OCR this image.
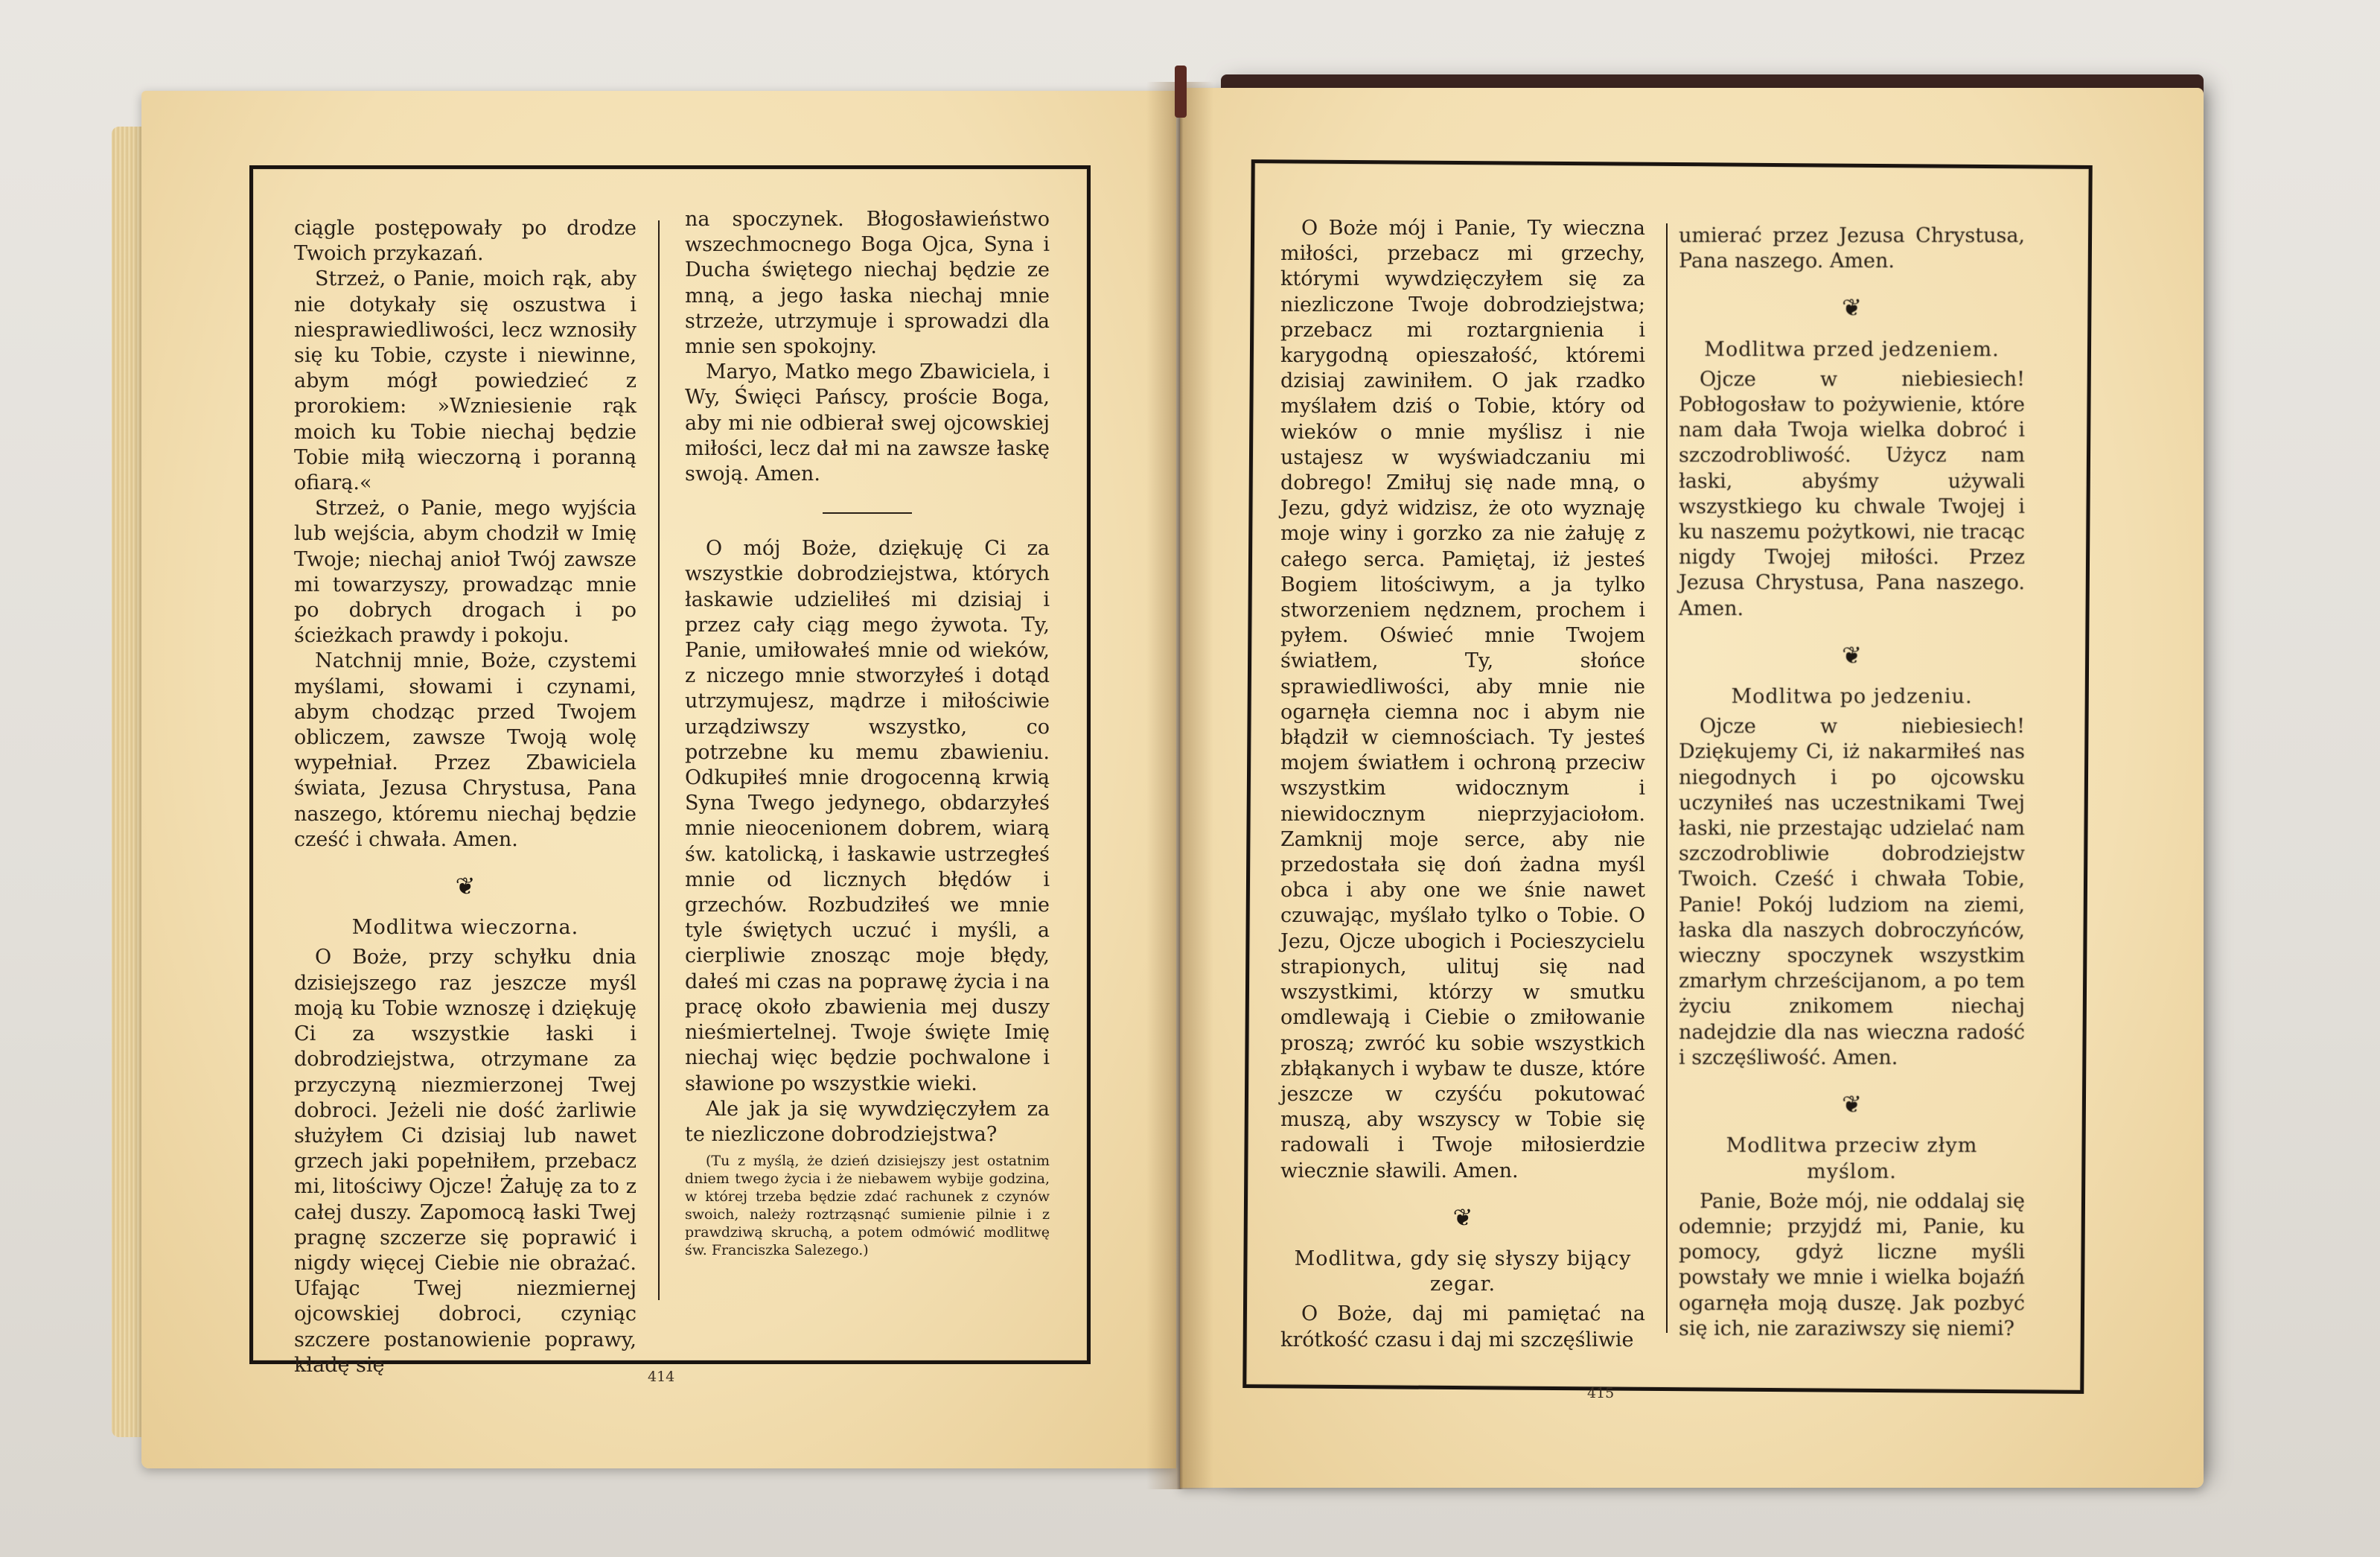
ciągle postępowały po drodze Twoich przykazań.

Strzeż, o Panie, moich rąk, aby nie dotykały się oszustwa i niesprawiedliwości, lecz wznosiły się ku Tobie, czyste i niewinne, abym mógł powiedzieć z prorokiem: »Wzniesienie rąk moich ku Tobie niechaj będzie Tobie miłą wieczorną i poranną ofiarą.«

Strzeż, o Panie, mego wyjścia lub wejścia, abym chodził w Imię Twoje; niechaj anioł Twój zawsze mi towarzyszy, prowadząc mnie po dobrych drogach i po ścieżkach prawdy i pokoju.

Natchnij mnie, Boże, czystemi myślami, słowami i czynami, abym chodząc przed Twojem obliczem, zawsze Twoją wolę wypełniał. Przez Zbawiciela świata, Jezusa Chrystusa, Pana naszego, któremu niechaj będzie cześć i chwała. Amen.

❦
Modlitwa wieczorna.

O Boże, przy schyłku dnia dzisiejszego raz jeszcze myśl moją ku Tobie wznoszę i dziękuję Ci za wszystkie łaski i dobrodziejstwa, otrzymane za przyczyną niezmierzonej Twej dobroci. Jeżeli nie dość żarliwie służyłem Ci dzisiaj lub nawet grzech jaki popełniłem, przebacz mi, litościwy Ojcze! Żałuję za to z całej duszy. Zapomocą łaski Twej pragnę szczerze się poprawić i nigdy więcej Ciebie nie obrażać. Ufając Twej niezmiernej ojcowskiej dobroci, czyniąc szczere postanowienie poprawy, kładę się

na spoczynek. Błogosławieństwo wszechmocnego Boga Ojca, Syna i Ducha świętego niechaj będzie ze mną, a jego łaska niechaj mnie strzeże, utrzymuje i sprowadzi dla mnie sen spokojny.

Maryo, Matko mego Zbawiciela, i Wy, Święci Pańscy, proście Boga, aby mi nie odbierał swej ojcowskiej miłości, lecz dał mi na zawsze łaskę swoją. Amen.

O mój Boże, dziękuję Ci za wszystkie dobrodziejstwa, których łaskawie udzieliłeś mi dzisiaj i przez cały ciąg mego żywota. Ty, Panie, umiłowałeś mnie od wieków, z niczego mnie stworzyłeś i dotąd utrzymujesz, mądrze i miłościwie urządziwszy wszystko, co potrzebne ku memu zbawieniu. Odkupiłeś mnie drogocenną krwią Syna Twego jedynego, obdarzyłeś mnie nieocenionem dobrem, wiarą św. katolicką, i łaskawie ustrzegłeś mnie od licznych błędów i grzechów. Rozbudziłeś we mnie tyle świętych uczuć i myśli, a cierpliwie znosząc moje błędy, dałeś mi czas na poprawę życia i na pracę około zbawienia mej duszy nieśmiertelnej. Twoje święte Imię niechaj więc będzie pochwalone i sławione po wszystkie wieki.

Ale jak ja się wywdzięczyłem za te niezliczone dobrodziejstwa?

(Tu z myślą, że dzień dzisiejszy jest ostatnim dniem twego życia i że niebawem wybije godzina, w której trzeba będzie zdać rachunek z czynów swoich, należy roztrząsnąć sumienie pilnie i z prawdziwą skruchą, a potem odmówić modlitwę św. Franciszka Salezego.)

414

O Boże mój i Panie, Ty wieczna miłości, przebacz mi grzechy, którymi wywdzięczyłem się za niezliczone Twoje dobrodziejstwa; przebacz mi roztargnienia i karygodną opieszałość, któremi dzisiaj zawiniłem. O jak rzadko myślałem dziś o Tobie, który od wieków o mnie myślisz i nie ustajesz w wyświadczaniu mi dobrego! Zmiłuj się nade mną, o Jezu, gdyż widzisz, że oto wyznaję moje winy i gorzko za nie żałuję z całego serca. Pamiętaj, iż jesteś Bogiem litościwym, a ja tylko stworzeniem nędznem, prochem i pyłem. Oświeć mnie Twojem światłem, Ty, słońce sprawiedliwości, aby mnie nie ogarnęła ciemna noc i abym nie błądził w ciemnościach. Ty jesteś mojem światłem i ochroną przeciw wszystkim widocznym i niewidocznym nieprzyjaciołom. Zamknij moje serce, aby nie przedostała się doń żadna myśl obca i aby one we śnie nawet czuwając, myślało tylko o Tobie. O Jezu, Ojcze ubogich i Pocieszycielu strapionych, ulituj się nad wszystkimi, którzy w smutku omdlewają i Ciebie o zmiłowanie proszą; zwróć ku sobie wszystkich zbłąkanych i wybaw te dusze, które jeszcze w czyśću pokutować muszą, aby wszyscy w Tobie się radowali i Twoje miłosierdzie wiecznie sławili. Amen.

❦
Modlitwa, gdy się słyszy bijący zegar.

O Boże, daj mi pamiętać na krótkość czasu i daj mi szczęśliwie

umierać przez Jezusa Chrystusa, Pana naszego. Amen.

❦
Modlitwa przed jedzeniem.

Ojcze w niebiesiech! Pobłogosław to pożywienie, które nam dała Twoja wielka dobroć i szczodrobliwość. Użycz nam łaski, abyśmy używali wszystkiego ku chwale Twojej i ku naszemu pożytkowi, nie tracąc nigdy Twojej miłości. Przez Jezusa Chrystusa, Pana naszego. Amen.

❦
Modlitwa po jedzeniu.

Ojcze w niebiesiech! Dziękujemy Ci, iż nakarmiłeś nas niegodnych i po ojcowsku uczyniłeś nas uczestnikami Twej łaski, nie przestając udzielać nam szczodrobliwie dobrodziejstw Twoich. Cześć i chwała Tobie, Panie! Pokój ludziom na ziemi, łaska dla naszych dobroczyńców, wieczny spoczynek wszystkim zmarłym chrześcijanom, a po tem życiu znikomem niechaj nadejdzie dla nas wieczna radość i szczęśliwość. Amen.

❦
Modlitwa przeciw złym myślom.

Panie, Boże mój, nie oddalaj się odemnie; przyjdź mi, Panie, ku pomocy, gdyż liczne myśli powstały we mnie i wielka bojaźń ogarnęła moją duszę. Jak pozbyć się ich, nie zaraziwszy się niemi?

415
